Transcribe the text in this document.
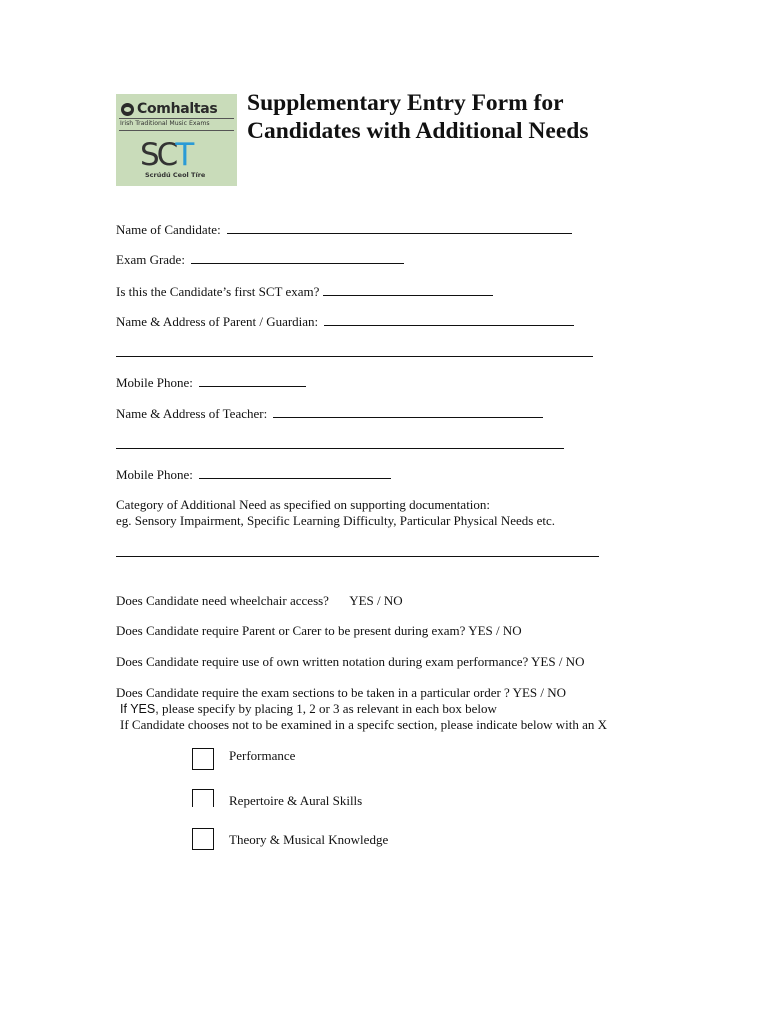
Comhaltas
Irish Traditional Music Exams
SCT
Scrúdú Ceol Tíre
Supplementary Entry Form for
Candidates with Additional Needs
Name of Candidate:
Exam Grade:
Is this the Candidate’s first SCT exam?
Name & Address of Parent / Guardian:
Mobile Phone:
Name & Address of Teacher:
Mobile Phone:
Category of Additional Need as specified on supporting documentation:
eg. Sensory Impairment, Specific Learning Difficulty, Particular Physical Needs etc.
Does Candidate need wheelchair access? YES / NO
Does Candidate require Parent or Carer to be present during exam? YES / NO
Does Candidate require use of own written notation during exam performance? YES / NO
Does Candidate require the exam sections to be taken in a particular order ? YES / NO
If YES, please specify by placing 1, 2 or 3 as relevant in each box below
If Candidate chooses not to be examined in a specifc section, please indicate below with an X
Performance
Repertoire & Aural Skills
Theory & Musical Knowledge
